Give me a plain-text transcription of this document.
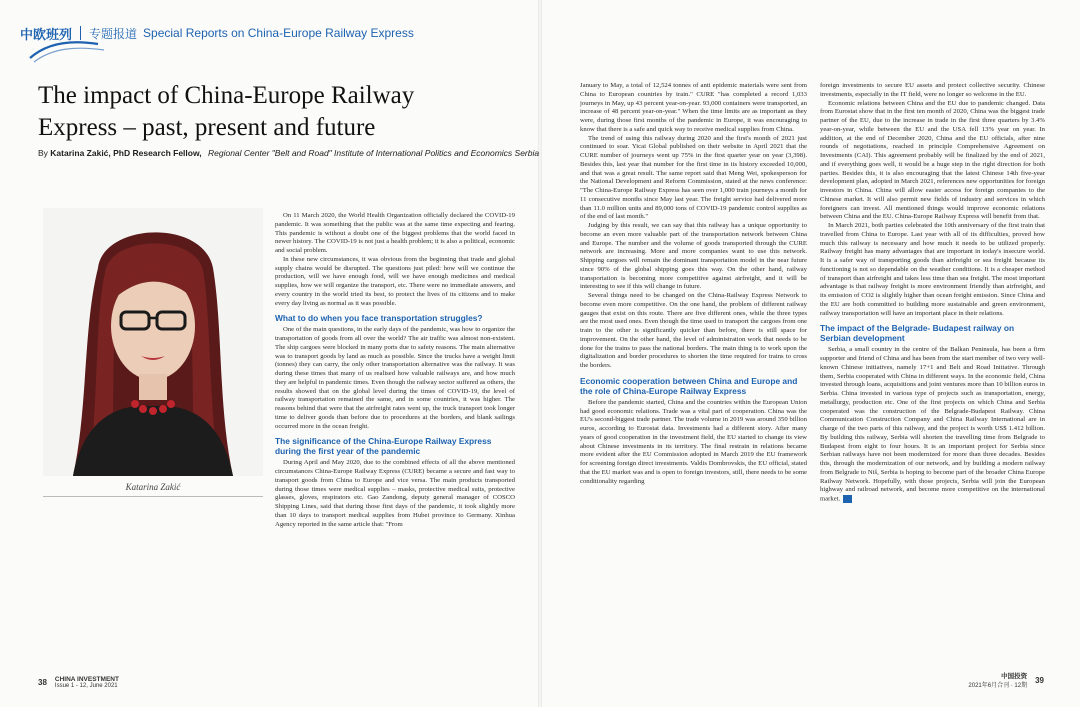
中欧班列 专题报道 Special Reports on China-Europe Railway Express
The impact of China-Europe Railway
Express – past, present and future
By Katarina Zakić, PhD Research Fellow, Regional Center "Belt and Road" Institute of International Politics and Economics Serbia
Katarina Zakić

On 11 March 2020, the World Health Organization officially declared the COVID-19 pandemic. It was something that the public was at the same time expecting and fearing. This pandemic is without a doubt one of the biggest problems that the world faced in newer history. The COVID-19 is not just a health problem; it is also a political, economic and social problem.

In these new circumstances, it was obvious from the beginning that trade and global supply chains would be disrupted. The questions just piled: how will we continue the production, will we have enough food, will we have enough medicines and medical supplies, how we will organize the transport, etc. There were no immediate answers, and every country in the world tried its best, to protect the lives of its citizens and to make every day living as normal as it was possible.

What to do when you face transportation struggles?

One of the main questions, in the early days of the pandemic, was how to organize the transportation of goods from all over the world? The air traffic was almost non-existent. The ship cargoes were blocked in many ports due to safety reasons. The main alternative was to transport goods by land as much as possible. Since the trucks have a weight limit (tonnes) they can carry, the only other transportation alternative was the railway. It was during these times that many of us realised how valuable railways are, and how much they are helpful in pandemic times. Even though the railway sector suffered as others, the results showed that on the global level during the times of COVID-19, the level of railway transportation remained the same, and in some countries, it was higher. The reasons behind that were that the airfreight rates went up, the truck transport took longer time to deliver goods than before due to procedures at the borders, and blank sailings occurred more in the ocean freight.

The significance of the China-Europe Railway Express during the first year of the pandemic

During April and May 2020, due to the combined effects of all the above mentioned circumstances China-Europe Railway Express (CURE) became a secure and fast way to transport goods from China to Europe and vice versa. The main products transported during those times were medical supplies – masks, protective medical suits, protective glasses, gloves, respirators etc. Gao Zandong, deputy general manager of COSCO Shipping Lines, said that during those first days of the pandemic, it took slightly more than 10 days to transport medical supplies from Hubei province to Germany. Xinhua Agency reported in the same article that: "From

January to May, a total of 12,524 tonnes of anti epidemic materials were sent from China to European countries by train." CURE "has completed a record 1,033 journeys in May, up 43 percent year-on-year. 93,000 containers were transported, an increase of 48 percent year-on-year." When the time limits are as important as they were, during those first months of the pandemic in Europe, it was encouraging to know that there is a safe and quick way to receive medical supplies from China.

The trend of using this railway during 2020 and the first's month of 2021 just continued to soar. Yicai Global published on their website in April 2021 that the CURE number of journeys went up 75% in the first quarter year on year (3,398). Besides this, last year that number for the first time in its history exceeded 10,000, and that was a great result. The same report said that Meng Wei, spokesperson for the National Development and Reform Commission, stated at the news conference: "The China-Europe Railway Express has seen over 1,000 train journeys a month for 11 consecutive months since May last year. The freight service had delivered more than 11.0 million units and 89,000 tons of COVID-19 pandemic control supplies as of the end of last month."

Judging by this result, we can say that this railway has a unique opportunity to become an even more valuable part of the transportation network between China and Europe. The number and the volume of goods transported through the CURE network are increasing. More and more companies want to use this network. Shipping cargoes will remain the dominant transportation model in the near future since 90% of the global shipping goes this way. On the other hand, railway transportation is becoming more competitive against airfreight, and it will be interesting to see if this will change in future.

Several things need to be changed on the China-Railway Express Network to become even more competitive. On the one hand, the problem of different railway gauges that exist on this route. There are five different ones, while the three types are the most used ones. Even though the time used to transport the cargoes from one train to the other is significantly quicker than before, there is still space for improvement. On the other hand, the level of administration work that needs to be done for the trains to pass the national borders. The main thing is to work upon the digitalization and border procedures to shorten the time required for trains to cross the borders.

Economic cooperation between China and Europe and the role of China-Europe Railway Express

Before the pandemic started, China and the countries within the European Union had good economic relations. Trade was a vital part of cooperation. China was the EU's second-biggest trade partner. The trade volume in 2019 was around 350 billion euros, according to Eurostat data. Investments had a different story. After many years of good cooperation in the investment field, the EU started to change its view about Chinese investments in its territory. The final restrain in relations became more evident after the EU Commission adopted in March 2019 the EU framework for screening foreign direct investments. Valdis Dombrovskis, the EU official, stated that the EU market was and is open to foreign investors, still, there needs to be some conditionality regarding

foreign investments to secure EU assets and protect collective security. Chinese investments, especially in the IT field, were no longer so welcome in the EU.

Economic relations between China and the EU due to pandemic changed. Data from Eurostat show that in the first ten month of 2020, China was the biggest trade partner of the EU, due to the increase in trade in the first three quarters by 3.4% year-on-year, while between the EU and the USA fell 13% year on year. In addition, at the end of December 2020, China and the EU officials, after nine rounds of negotiations, reached in principle Comprehensive Agreement on Investments (CAI). This agreement probably will be finalized by the end of 2021, and if everything goes well, it would be a huge step in the right direction for both parties. Besides this, it is also encouraging that the latest Chinese 14th five-year development plan, adopted in March 2021, references new opportunities for foreign investors in China. China will allow easier access for foreign companies to the Chinese market. It will also permit new fields of industry and services in which foreigners can invest. All mentioned things would improve economic relations between China and the EU. China-Europe Railway Express will benefit from that.

In March 2021, both parties celebrated the 10th anniversary of the first train that travelled from China to Europe. Last year with all of its difficulties, proved how much this railway is necessary and how much it needs to be utilized properly. Railway freight has many advantages that are important in today's insecure world. It is a safer way of transporting goods than airfreight or sea freight because its functioning is not so dependable on the weather conditions. It is a cheaper method of transport than airfreight and takes less time than sea freight. The most important advantage is that railway freight is more environment friendly than airfreight, and its emission of CO2 is slightly higher than ocean freight emission. Since China and the EU are both committed to building more sustainable and green environment, railway transportation will have an important place in their relations.

The impact of the Belgrade- Budapest railway on Serbian development

Serbia, a small country in the centre of the Balkan Peninsula, has been a firm supporter and friend of China and has been from the start member of two very well-known Chinese initiatives, namely 17+1 and Belt and Road Initiative. Through them, Serbia cooperated with China in different ways. In the economic field, China invested through loans, acquisitions and joint ventures more than 10 billion euros in Serbia. China invested in various type of projects such as transportation, energy, metallurgy, production etc. One of the first projects on which China and Serbia cooperated was the construction of the Belgrade-Budapest Railway. China Communication Construction Company and China Railway International are in charge of the two parts of this railway, and the project is worth US$ 1.412 billion. By building this railway, Serbia will shorten the travelling time from Belgrade to Budapest from eight to four hours. It is an important project for Serbia since Serbian railways have not been modernized for more than three decades. Besides this, through the modernization of our network, and by building a modern railway from Belgrade to Niš, Serbia is hoping to become part of the broader China Europe Railway Network. Hopefully, with those projects, Serbia will join the European highway and railroad network, and become more competitive on the international market.

38 CHINA INVESTMENT
Issue 1 - 12, June 2021
中国投资
2021年6月合刊 · 12期
39
